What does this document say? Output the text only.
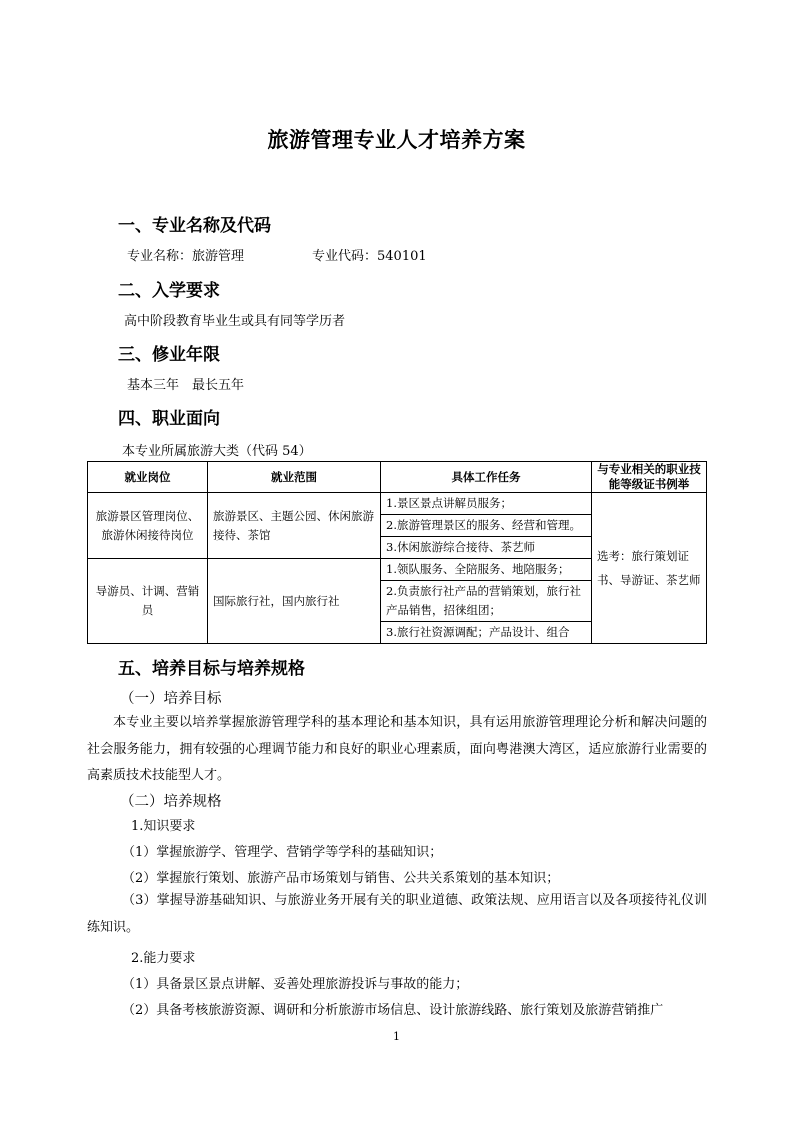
旅游管理专业人才培养方案
一、专业名称及代码
专业名称：旅游管理	专业代码：540101
二、入学要求
高中阶段教育毕业生或具有同等学历者
三、修业年限
基本三年　最长五年
四、职业面向
本专业所属旅游大类（代码 54）
就业岗位	就业范围	具体工作任务	与专业相关的职业技能等级证书例举
旅游景区管理岗位、旅游休闲接待岗位	旅游景区、主题公园、休闲旅游接待、茶馆	1.景区景点讲解员服务；
2.旅游管理景区的服务、经营和管理。
3.休闲旅游综合接待、茶艺师	选考：旅行策划证书、导游证、茶艺师
导游员、计调、营销员	国际旅行社，国内旅行社	1.领队服务、全陪服务、地陪服务；
2.负责旅行社产品的营销策划，旅行社产品销售，招徕组团；
3.旅行社资源调配；产品设计、组合	
五、培养目标与培养规格
（一）培养目标
本专业主要以培养掌握旅游管理学科的基本理论和基本知识，具有运用旅游管理理论分析和解决问题的社会服务能力，拥有较强的心理调节能力和良好的职业心理素质，面向粤港澳大湾区，适应旅游行业需要的高素质技术技能型人才。
（二）培养规格
1.知识要求
（1）掌握旅游学、管理学、营销学等学科的基础知识；
（2）掌握旅行策划、旅游产品市场策划与销售、公共关系策划的基本知识；
（3）掌握导游基础知识、与旅游业务开展有关的职业道德、政策法规、应用语言以及各项接待礼仪训练知识。
2.能力要求
（1）具备景区景点讲解、妥善处理旅游投诉与事故的能力；
（2）具备考核旅游资源、调研和分析旅游市场信息、设计旅游线路、旅行策划及旅游营销推广
1
